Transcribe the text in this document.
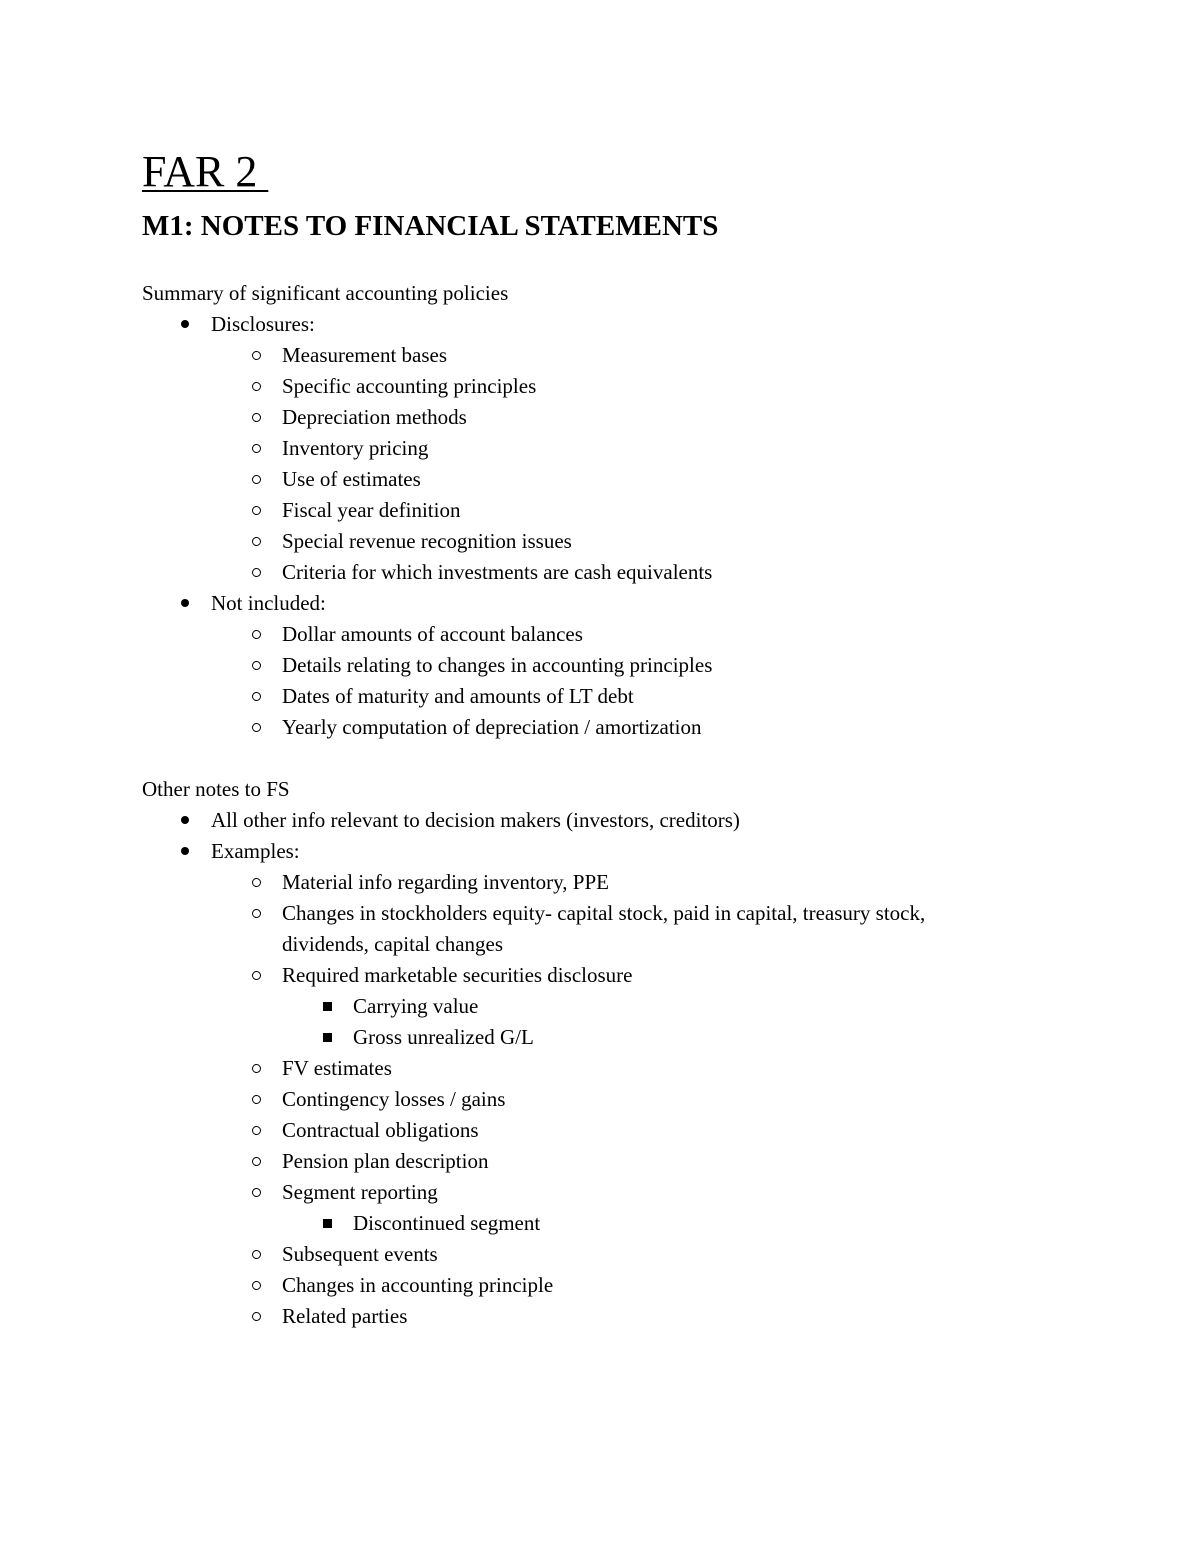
FAR 2
M1: NOTES TO FINANCIAL STATEMENTS
Summary of significant accounting policies
Disclosures:
Measurement bases
Specific accounting principles
Depreciation methods
Inventory pricing
Use of estimates
Fiscal year definition
Special revenue recognition issues
Criteria for which investments are cash equivalents
Not included:
Dollar amounts of account balances
Details relating to changes in accounting principles
Dates of maturity and amounts of LT debt
Yearly computation of depreciation / amortization
Other notes to FS
All other info relevant to decision makers (investors, creditors)
Examples:
Material info regarding inventory, PPE
Changes in stockholders equity- capital stock, paid in capital, treasury stock, dividends, capital changes
Required marketable securities disclosure
Carrying value
Gross unrealized G/L
FV estimates
Contingency losses / gains
Contractual obligations
Pension plan description
Segment reporting
Discontinued segment
Subsequent events
Changes in accounting principle
Related parties
